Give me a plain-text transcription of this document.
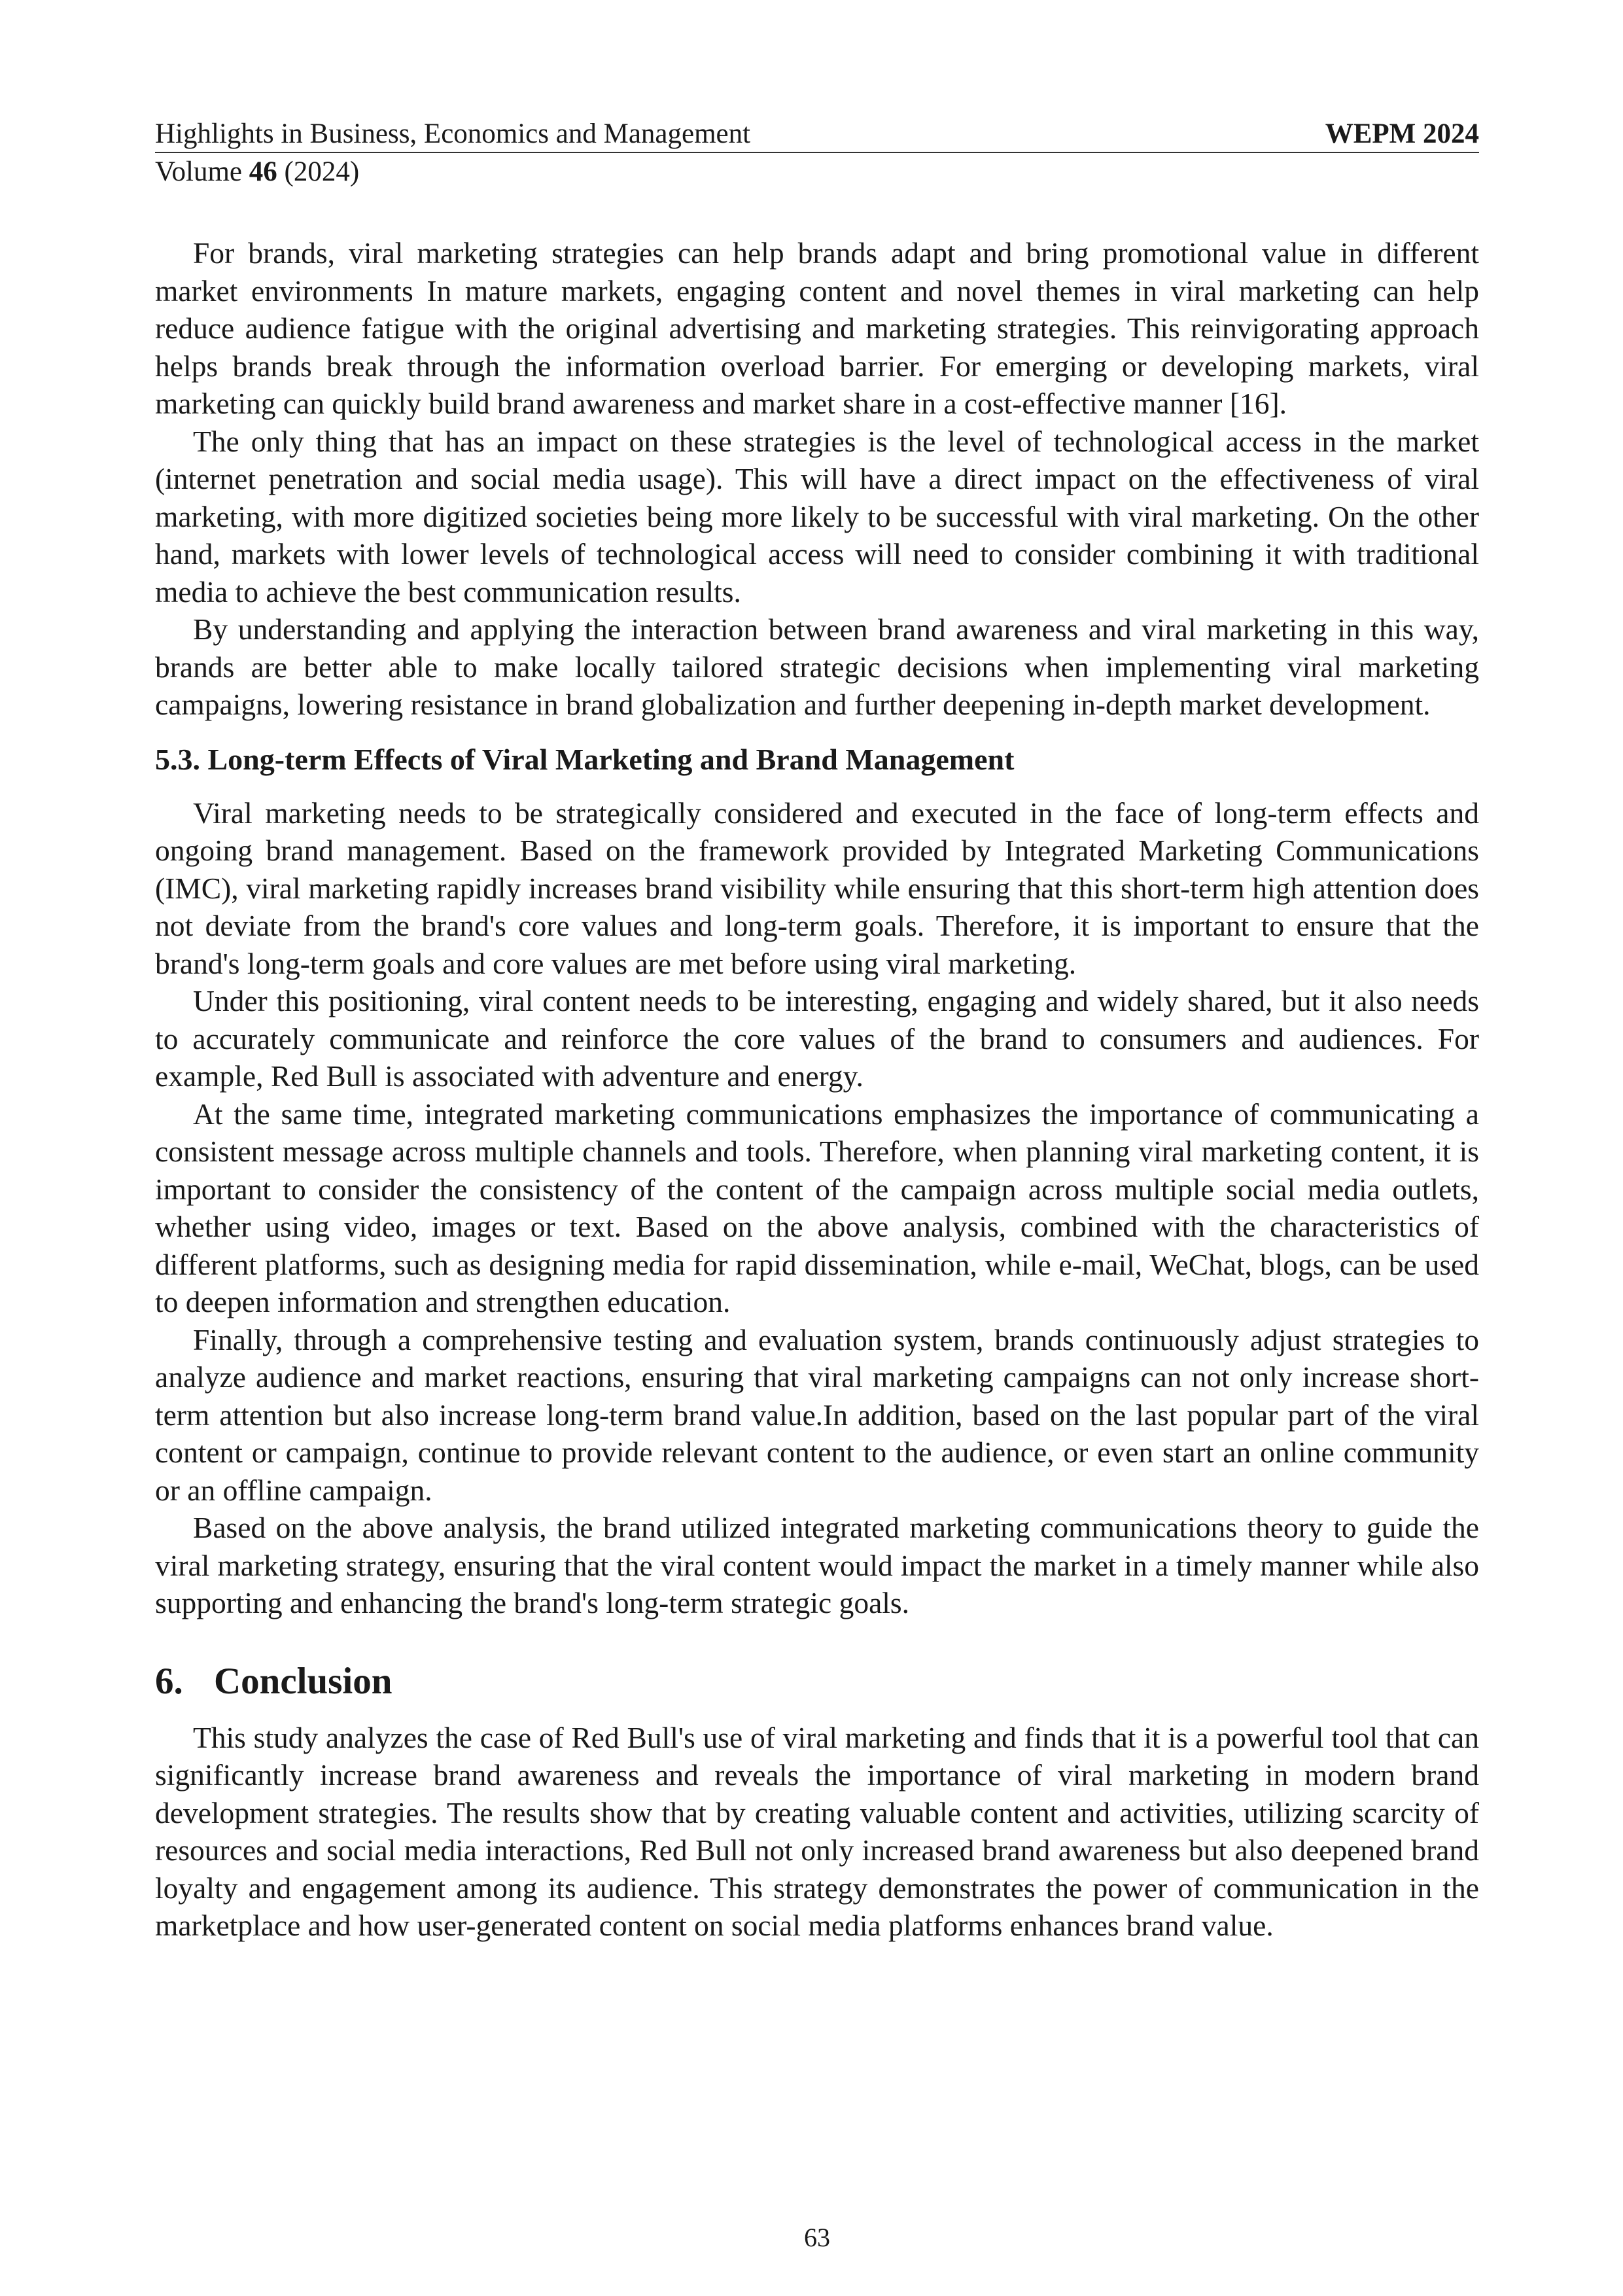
Highlights in Business, Economics and Management	WEPM 2024
Volume 46 (2024)

For brands, viral marketing strategies can help brands adapt and bring promotional value in different market environments In mature markets, engaging content and novel themes in viral marketing can help reduce audience fatigue with the original advertising and marketing strategies. This reinvigorating approach helps brands break through the information overload barrier. For emerging or developing markets, viral marketing can quickly build brand awareness and market share in a cost-effective manner [16].

The only thing that has an impact on these strategies is the level of technological access in the market (internet penetration and social media usage). This will have a direct impact on the effectiveness of viral marketing, with more digitized societies being more likely to be successful with viral marketing. On the other hand, markets with lower levels of technological access will need to consider combining it with traditional media to achieve the best communication results.

By understanding and applying the interaction between brand awareness and viral marketing in this way, brands are better able to make locally tailored strategic decisions when implementing viral marketing campaigns, lowering resistance in brand globalization and further deepening in-depth market development.

5.3. Long-term Effects of Viral Marketing and Brand Management

Viral marketing needs to be strategically considered and executed in the face of long-term effects and ongoing brand management. Based on the framework provided by Integrated Marketing Communications (IMC), viral marketing rapidly increases brand visibility while ensuring that this short-term high attention does not deviate from the brand's core values and long-term goals. Therefore, it is important to ensure that the brand's long-term goals and core values are met before using viral marketing.

Under this positioning, viral content needs to be interesting, engaging and widely shared, but it also needs to accurately communicate and reinforce the core values of the brand to consumers and audiences. For example, Red Bull is associated with adventure and energy.

At the same time, integrated marketing communications emphasizes the importance of communicating a consistent message across multiple channels and tools. Therefore, when planning viral marketing content, it is important to consider the consistency of the content of the campaign across multiple social media outlets, whether using video, images or text. Based on the above analysis, combined with the characteristics of different platforms, such as designing media for rapid dissemination, while e-mail, WeChat, blogs, can be used to deepen information and strengthen education.

Finally, through a comprehensive testing and evaluation system, brands continuously adjust strategies to analyze audience and market reactions, ensuring that viral marketing campaigns can not only increase short-term attention but also increase long-term brand value.In addition, based on the last popular part of the viral content or campaign, continue to provide relevant content to the audience, or even start an online community or an offline campaign.

Based on the above analysis, the brand utilized integrated marketing communications theory to guide the viral marketing strategy, ensuring that the viral content would impact the market in a timely manner while also supporting and enhancing the brand's long-term strategic goals.

6. Conclusion

This study analyzes the case of Red Bull's use of viral marketing and finds that it is a powerful tool that can significantly increase brand awareness and reveals the importance of viral marketing in modern brand development strategies. The results show that by creating valuable content and activities, utilizing scarcity of resources and social media interactions, Red Bull not only increased brand awareness but also deepened brand loyalty and engagement among its audience. This strategy demonstrates the power of communication in the marketplace and how user-generated content on social media platforms enhances brand value.

63
